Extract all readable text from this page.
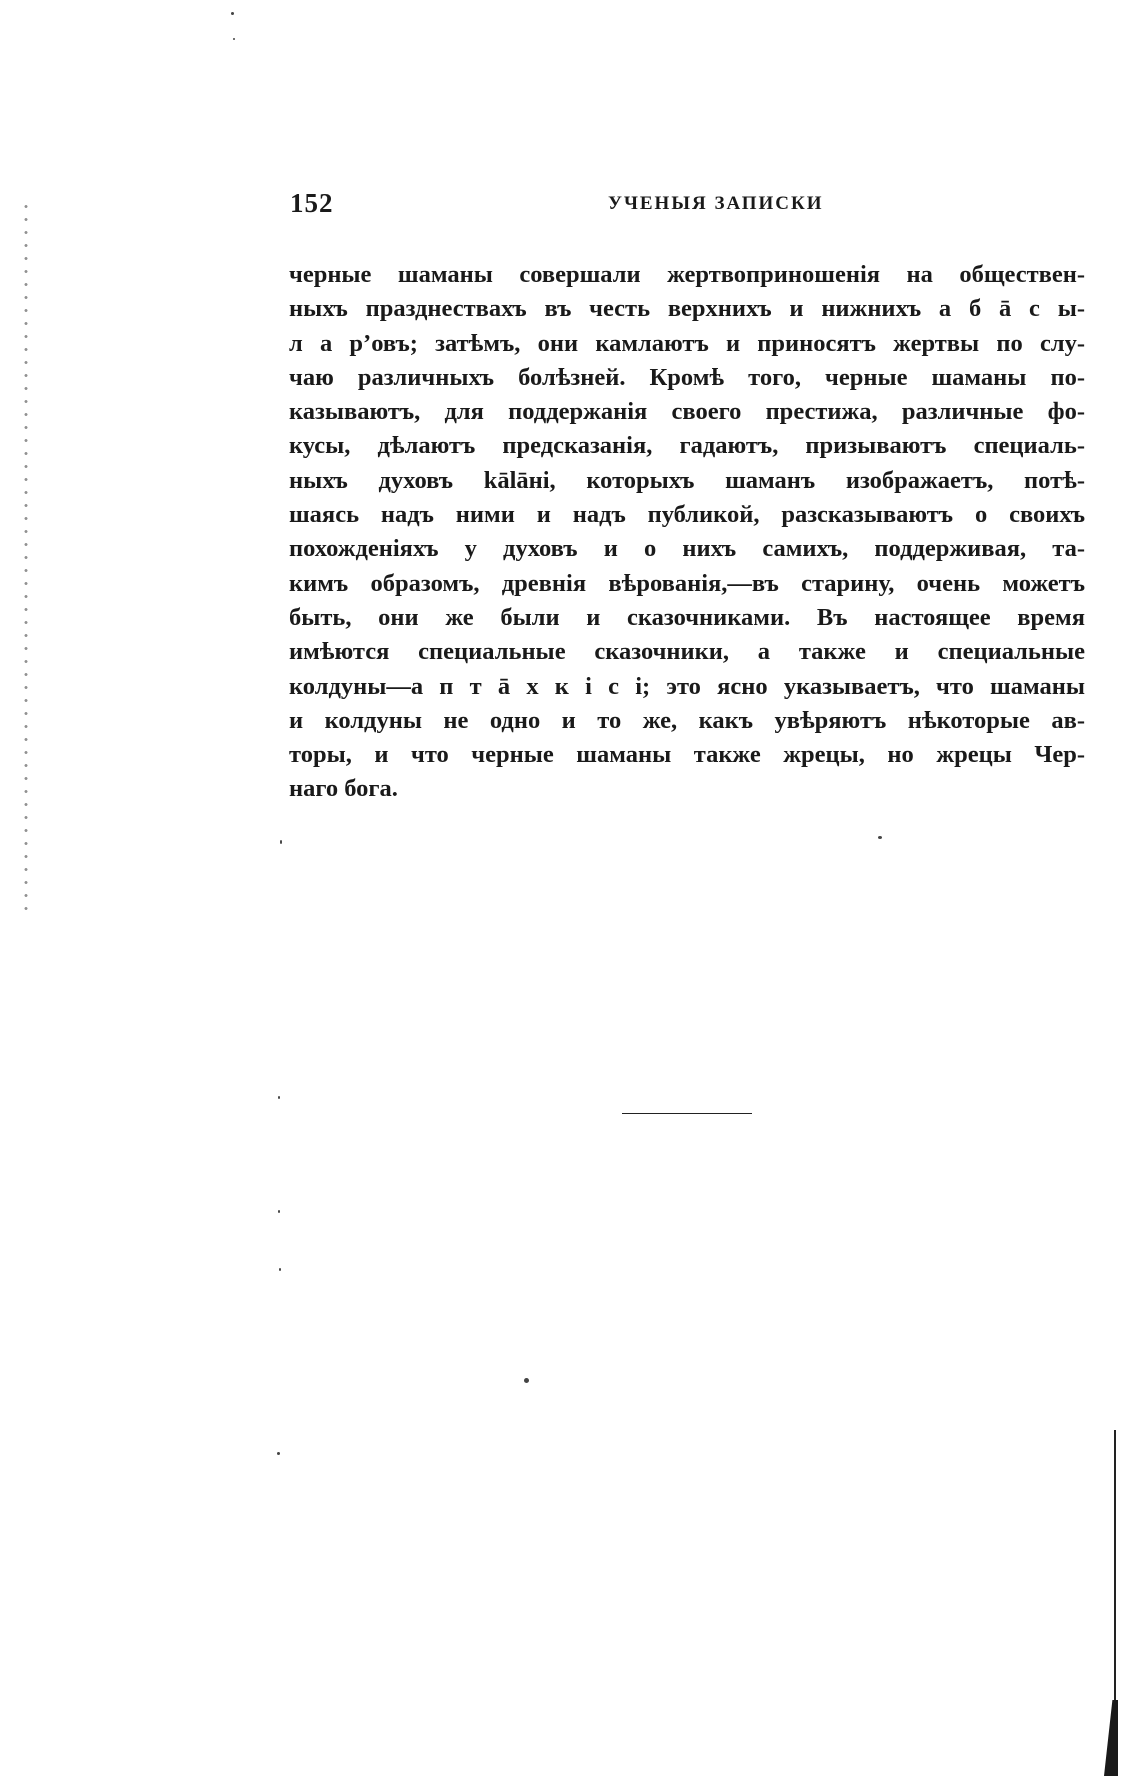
152	УЧЕНЫЯ ЗАПИСКИ
черные шаманы совершали жертвоприношенія на обществен-
ныхъ празднествахъ въ честь верхнихъ и нижнихъ а б ā с ы-
л а р’овъ; затѣмъ, они камлаютъ и приносятъ жертвы по слу-
чаю различныхъ болѣзней. Кромѣ того, черные шаманы по-
казываютъ, для поддержанія своего престижа, различные фо-
кусы, дѣлаютъ предсказанія, гадаютъ, призываютъ специаль-
ныхъ духовъ kālāнi, которыхъ шаманъ изображаетъ, потѣ-
шаясь надъ ними и надъ публикой, разсказываютъ о своихъ
похожденіяхъ у духовъ и о нихъ самихъ, поддерживая, та-
кимъ образомъ, древнія вѣрованія,—въ старину, очень можетъ
быть, они же были и сказочниками. Въ настоящее время
имѣются специальные сказочники, а также и специальные
колдуны—а п т ā х к і с і; это ясно указываетъ, что шаманы
и колдуны не одно и то же, какъ увѣряютъ нѣкоторые ав-
торы, и что черные шаманы также жрецы, но жрецы Чер-
наго бога.
